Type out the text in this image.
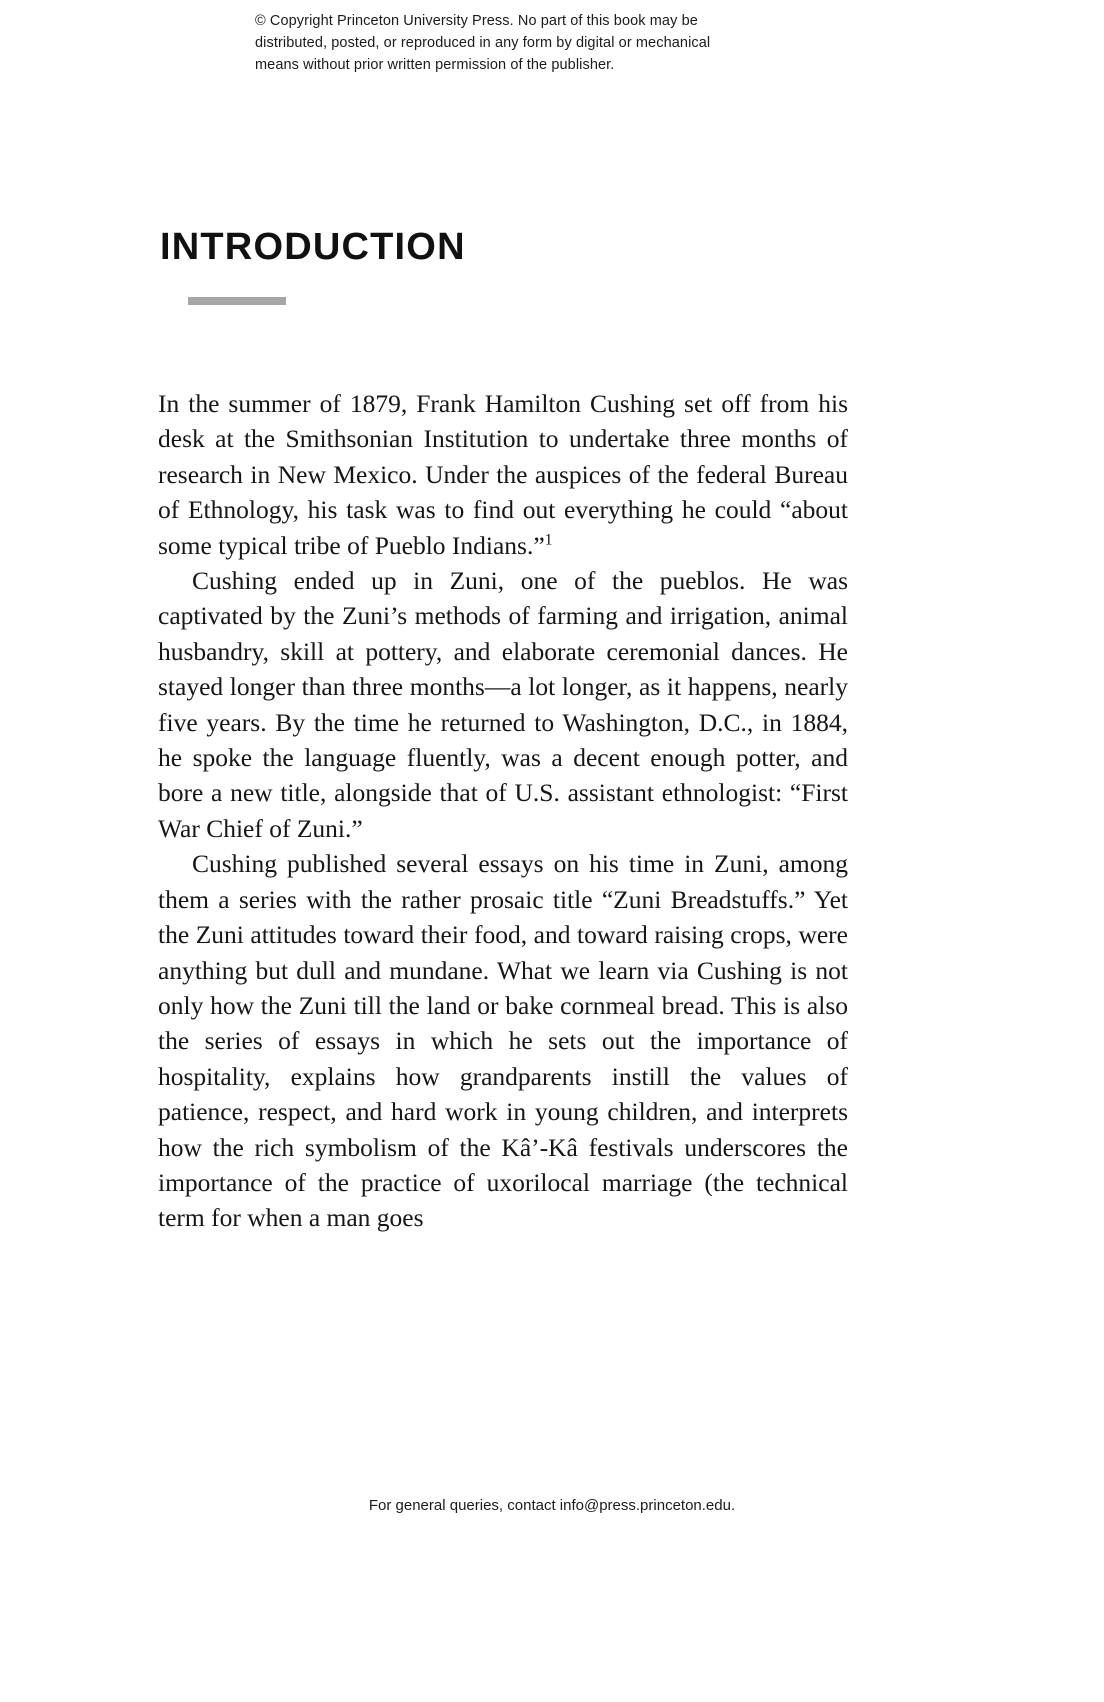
© Copyright Princeton University Press. No part of this book may be

distributed, posted, or reproduced in any form by digital or mechanical

means without prior written permission of the publisher.

INTRODUCTION

In the summer of 1879, Frank Hamilton Cushing set off from his desk at the Smithsonian Institution to undertake three months of research in New Mexico. Under the auspices of the federal Bureau of Ethnology, his task was to find out everything he could “about some typical tribe of Pueblo Indians.”$^1$

Cushing ended up in Zuni, one of the pueblos. He was captivated by the Zuni’s methods of farming and irrigation, animal husbandry, skill at pottery, and elaborate ceremonial dances. He stayed longer than three months—a lot longer, as it happens, nearly five years. By the time he returned to Washington, D.C., in 1884, he spoke the language fluently, was a decent enough potter, and bore a new title, alongside that of U.S. assistant ethnologist: “First War Chief of Zuni.”

Cushing published several essays on his time in Zuni, among them a series with the rather prosaic title “Zuni Breadstuffs.” Yet the Zuni attitudes toward their food, and toward raising crops, were anything but dull and mundane. What we learn via Cushing is not only how the Zuni till the land or bake cornmeal bread. This is also the series of essays in which he sets out the importance of hospitality, explains how grandparents instill the values of patience, respect, and hard work in young children, and interprets how the rich symbolism of the Kâ’-Kâ festivals underscores the importance of the practice of uxorilocal marriage (the technical term for when a man goes

For general queries, contact info@press.princeton.edu.
